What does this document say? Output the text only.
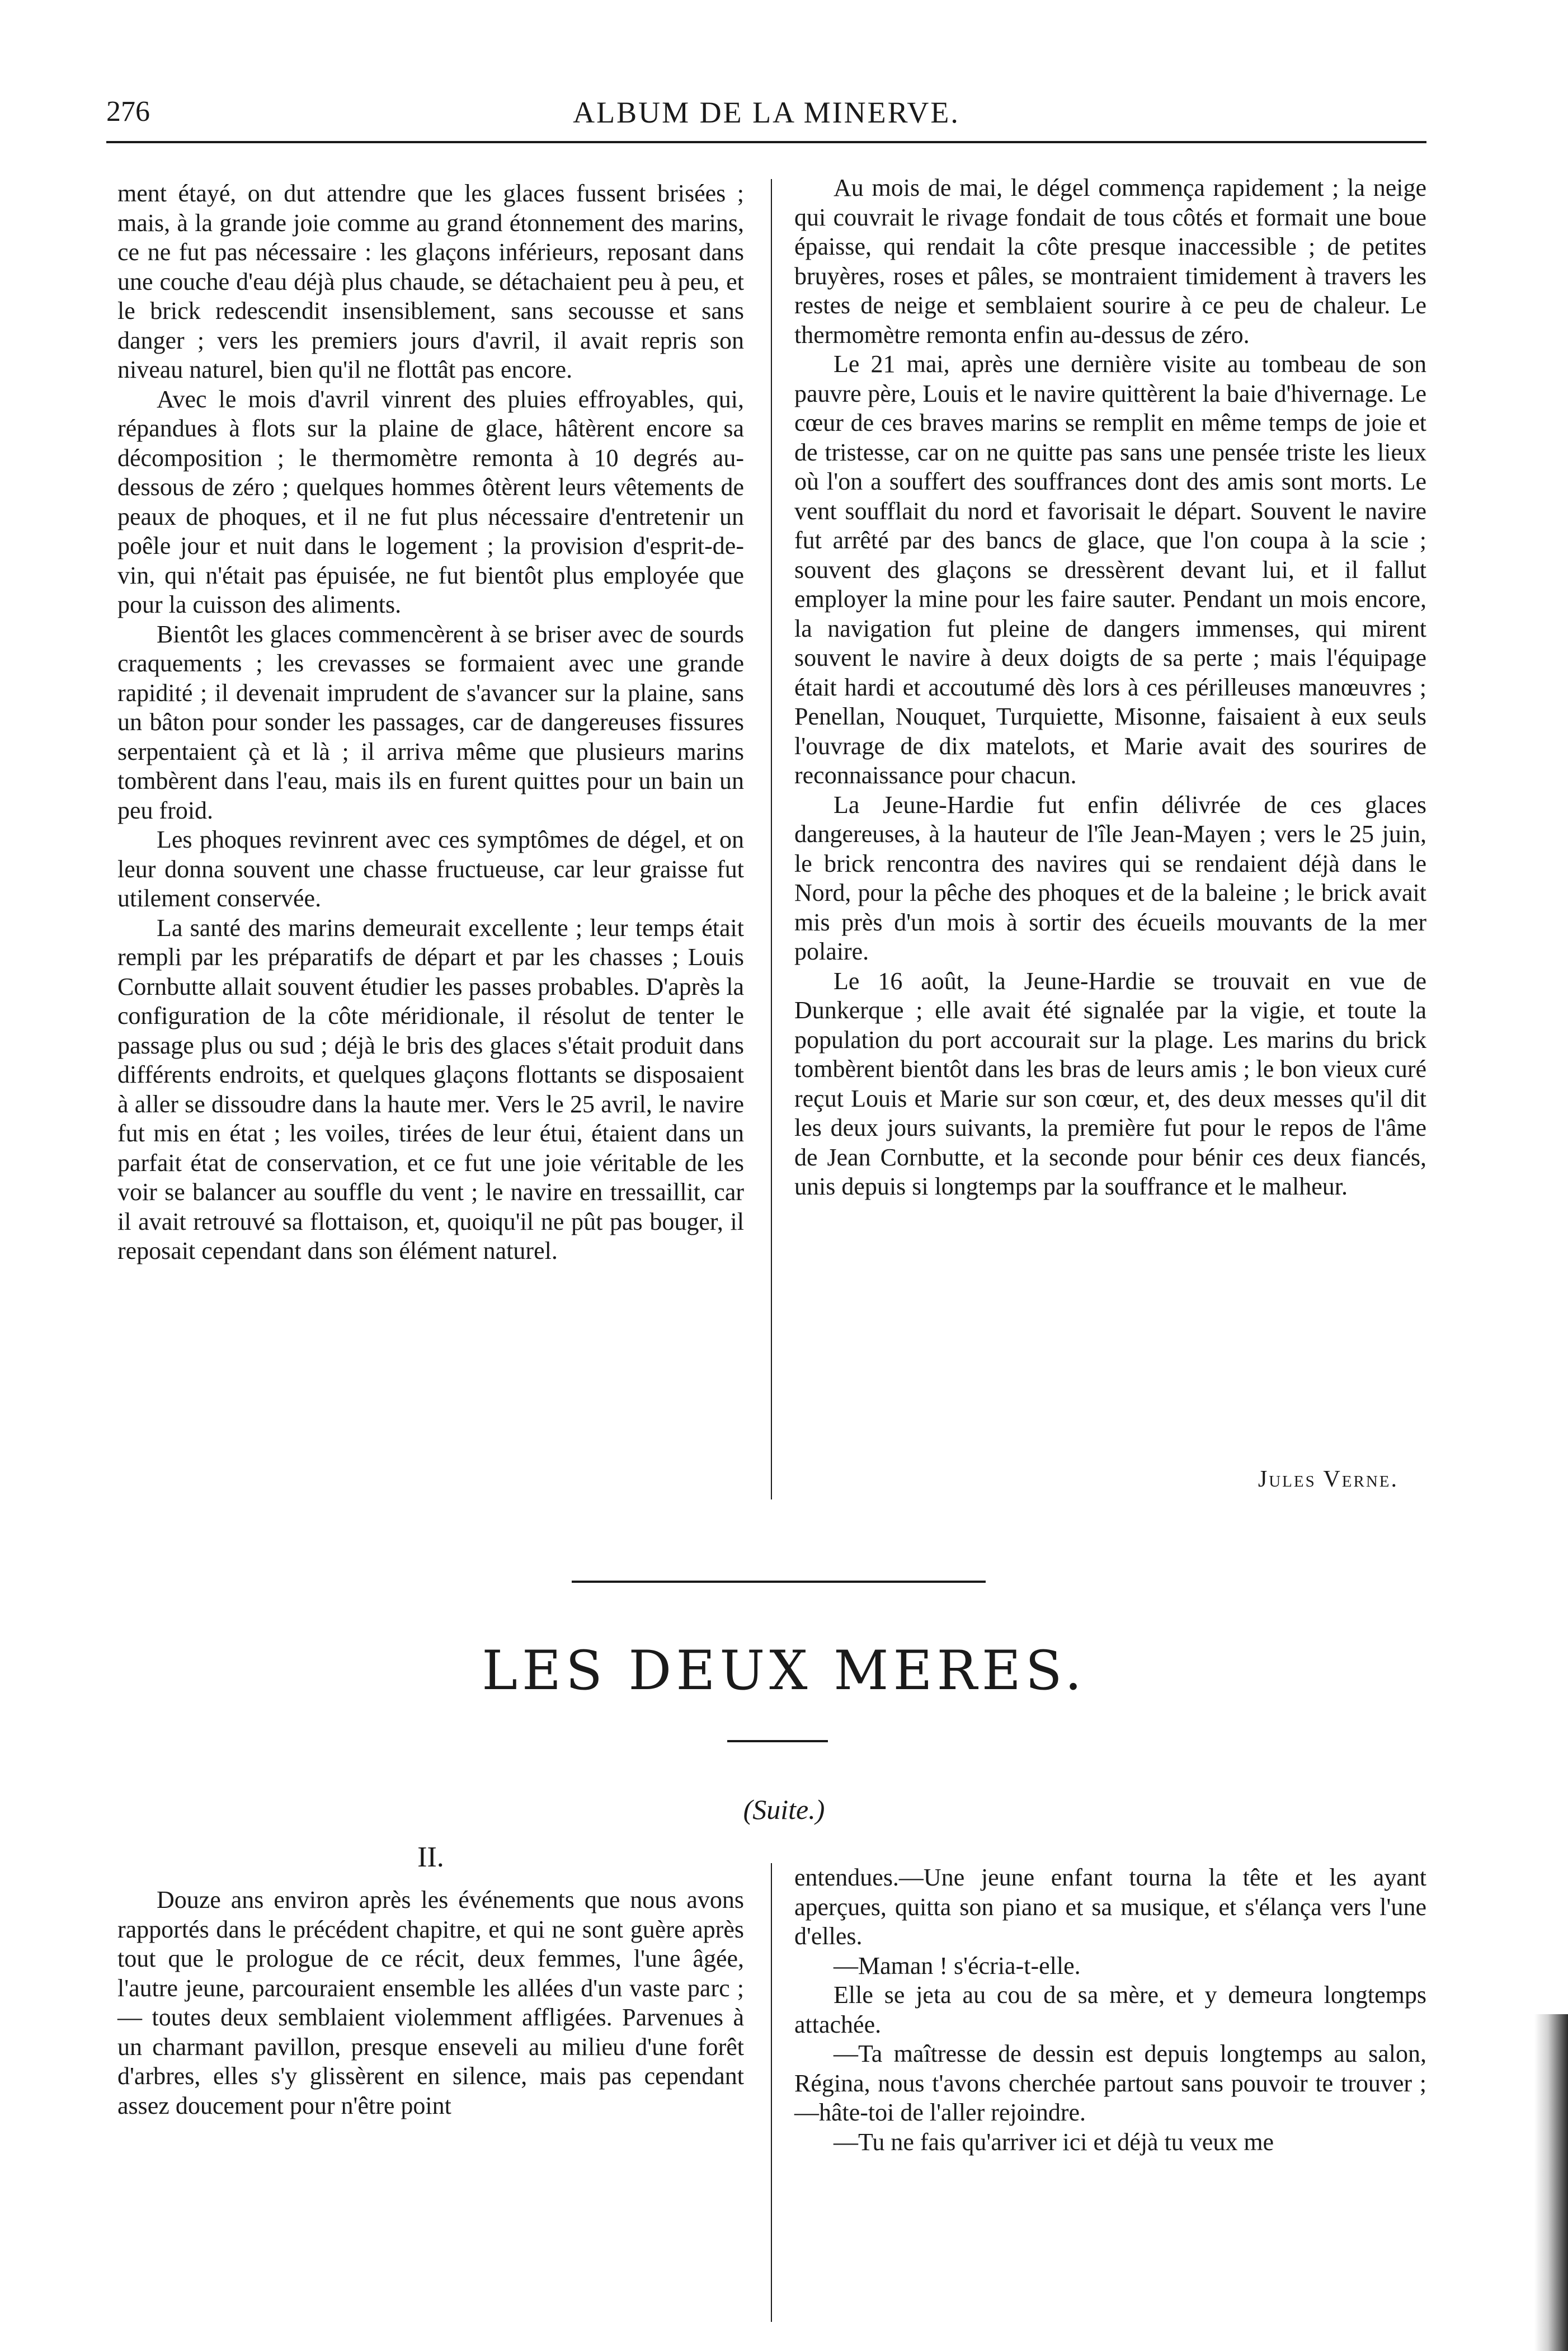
276	ALBUM DE LA MINERVE.

ment étayé, on dut attendre que les glaces fussent brisées ; mais, à la grande joie comme au grand étonnement des marins, ce ne fut pas nécessaire : les glaçons inférieurs, reposant dans une couche d'eau déjà plus chaude, se détachaient peu à peu, et le brick redescendit insensiblement, sans secousse et sans danger ; vers les premiers jours d'avril, il avait repris son niveau naturel, bien qu'il ne flottât pas encore.

Avec le mois d'avril vinrent des pluies effroyables, qui, répandues à flots sur la plaine de glace, hâtèrent encore sa décomposition ; le thermomètre remonta à 10 degrés au-dessous de zéro ; quelques hommes ôtèrent leurs vêtements de peaux de phoques, et il ne fut plus nécessaire d'entretenir un poêle jour et nuit dans le logement ; la provision d'esprit-de-vin, qui n'était pas épuisée, ne fut bientôt plus employée que pour la cuisson des aliments.

Bientôt les glaces commencèrent à se briser avec de sourds craquements ; les crevasses se formaient avec une grande rapidité ; il devenait imprudent de s'avancer sur la plaine, sans un bâton pour sonder les passages, car de dangereuses fissures serpentaient çà et là ; il arriva même que plusieurs marins tombèrent dans l'eau, mais ils en furent quittes pour un bain un peu froid.

Les phoques revinrent avec ces symptômes de dégel, et on leur donna souvent une chasse fructueuse, car leur graisse fut utilement conservée.

La santé des marins demeurait excellente ; leur temps était rempli par les préparatifs de départ et par les chasses ; Louis Cornbutte allait souvent étudier les passes probables. D'après la configuration de la côte méridionale, il résolut de tenter le passage plus ou sud ; déjà le bris des glaces s'était produit dans différents endroits, et quelques glaçons flottants se disposaient à aller se dissoudre dans la haute mer. Vers le 25 avril, le navire fut mis en état ; les voiles, tirées de leur étui, étaient dans un parfait état de conservation, et ce fut une joie véritable de les voir se balancer au souffle du vent ; le navire en tressaillit, car il avait retrouvé sa flottaison, et, quoiqu'il ne pût pas bouger, il reposait cependant dans son élément naturel.

Au mois de mai, le dégel commença rapidement ; la neige qui couvrait le rivage fondait de tous côtés et formait une boue épaisse, qui rendait la côte presque inaccessible ; de petites bruyères, roses et pâles, se montraient timidement à travers les restes de neige et semblaient sourire à ce peu de chaleur. Le thermomètre remonta enfin au-dessus de zéro.

Le 21 mai, après une dernière visite au tombeau de son pauvre père, Louis et le navire quittèrent la baie d'hivernage. Le cœur de ces braves marins se remplit en même temps de joie et de tristesse, car on ne quitte pas sans une pensée triste les lieux où l'on a souffert des souffrances dont des amis sont morts. Le vent soufflait du nord et favorisait le départ. Souvent le navire fut arrêté par des bancs de glace, que l'on coupa à la scie ; souvent des glaçons se dressèrent devant lui, et il fallut employer la mine pour les faire sauter. Pendant un mois encore, la navigation fut pleine de dangers immenses, qui mirent souvent le navire à deux doigts de sa perte ; mais l'équipage était hardi et accoutumé dès lors à ces périlleuses manœuvres ; Penellan, Nouquet, Turquiette, Misonne, faisaient à eux seuls l'ouvrage de dix matelots, et Marie avait des sourires de reconnaissance pour chacun.

La Jeune-Hardie fut enfin délivrée de ces glaces dangereuses, à la hauteur de l'île Jean-Mayen ; vers le 25 juin, le brick rencontra des navires qui se rendaient déjà dans le Nord, pour la pêche des phoques et de la baleine ; le brick avait mis près d'un mois à sortir des écueils mouvants de la mer polaire.

Le 16 août, la Jeune-Hardie se trouvait en vue de Dunkerque ; elle avait été signalée par la vigie, et toute la population du port accourait sur la plage. Les marins du brick tombèrent bientôt dans les bras de leurs amis ; le bon vieux curé reçut Louis et Marie sur son cœur, et, des deux messes qu'il dit les deux jours suivants, la première fut pour le repos de l'âme de Jean Cornbutte, et la seconde pour bénir ces deux fiancés, unis depuis si longtemps par la souffrance et le malheur.

Jules Verne.
LES DEUX MERES.
(Suite.)
II.

Douze ans environ après les événements que nous avons rapportés dans le précédent chapitre, et qui ne sont guère après tout que le prologue de ce récit, deux femmes, l'une âgée, l'autre jeune, parcouraient ensemble les allées d'un vaste parc ; — toutes deux semblaient violemment affligées. Parvenues à un charmant pavillon, presque enseveli au milieu d'une forêt d'arbres, elles s'y glissèrent en silence, mais pas cependant assez doucement pour n'être point

entendues.—Une jeune enfant tourna la tête et les ayant aperçues, quitta son piano et sa musique, et s'élança vers l'une d'elles.

—Maman ! s'écria-t-elle.

Elle se jeta au cou de sa mère, et y demeura longtemps attachée.

—Ta maîtresse de dessin est depuis longtemps au salon, Régina, nous t'avons cherchée partout sans pouvoir te trouver ;—hâte-toi de l'aller rejoindre.

—Tu ne fais qu'arriver ici et déjà tu veux me
